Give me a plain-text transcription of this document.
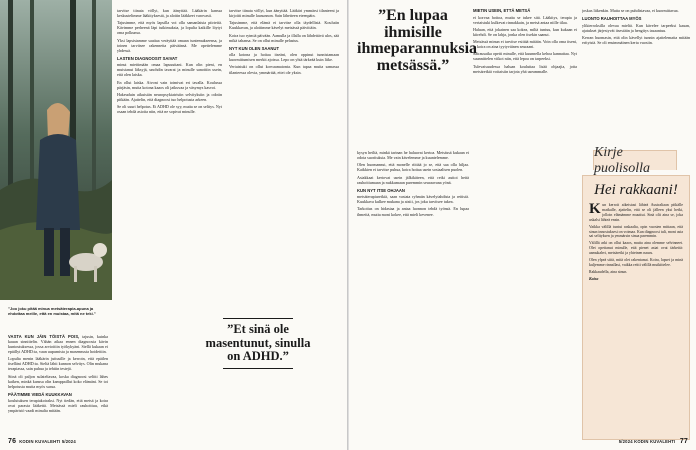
”Joo joku pitää minua metsäterapia-apuna ja ehdottaa meille, että en muistaa, mitä ne teki.”

VASTA KUN JÄIN TÖISTÄ POIS, tajusin, kuinka kauan sinnittelin. Vähän aikaa ennen diagnoosia kävin kuntoutuksessa, jossa arvioitiin työkykyäni. Siellä kukaan ei epäillyt ADHD:ta, vaan uupumista ja masennusta hoidettiin.

Lopulta menin lääkärin juttusille ja kerroin, että epäilen itselläni ADHD:ta. Sieltä lähti kunnon selvitys. Olin mukana terapiassa, sain puhua ja tehtiin testejä.

Siinä oli paljon sulateltavaa, koska diagnoosi selitti lähes kaiken, minkä kanssa olin kamppaillut koko elämäni. Se toi helpotusta mutta myös surua.

PÄÄTIMME VIEDÄ KUUKKAVAN

koulutuksen terapiakoiraksi. Nyt tiedän, että metsä ja koira ovat parasta lääkettä. Metsässä mieli rauhoittuu, eikä ympäristö vaadi minulta mitään.

tarvitse tiinata völlyt, kun äänyttää. Lääkärin kanssa keskustelimme lääkityksestä, ja aloitin lääkkeet varovasti.

Tajusimme, että myös lapsilla voi olla samanlaisia piirteitä. Kävimme perheenä läpi tutkimuksia, ja lopulta kaikille löytyi oma polkunsa.

Yksi lapsistamme saattaa veräyttää omaan tuntemukseensa, ja toinen tarvitsee rakennetta päiväänsä. Me opettelemme yhdessä.

LASTEN DIAGNOOSIT SAIVAT

minut miettimään omaa lapsuuttani. Kun olin pieni, en muistanut läksyjä, unohdin tavarat ja minulle sanottiin usein, että olen laiska.

En ollut laiska. Aivoni vain toimivat eri tavalla. Koulussa pärjäsin, mutta kotona kaaos oli jatkuvaa ja väsymys kasvoi.

Hakeuduin aikuisiän neuropsykiatrisiin selvityksiin ja odotin pitkään. Ajattelin, että diagnoosi tuo helpotusta arkeen.

Se oli suuri helpotus. Ei ADHD ole syy, mutta se on selitys. Nyt osaan tehdä asioita niin, että ne sopivat minulle.

tarvitse tiinata völlyt, kun äänyttää. Lääkäri ymmärsi tilanteeni ja kirjoitti minulle lausunnon. Sain lähetteen eteenpäin.

Tajusimme, että elämä ei tarvitse olla täydellistä. Koulutin Kuukkavan, ja aloitimme kävelyt metsässä päivittäin.

Koira tuo rytmiä päivään. Aamulla ja illalla on lähdettävä ulos, sää mikä tahansa. Se on ollut minulle pelastus.

NYT KUN OLEN SAANUT

olla kotona ja hoitaa itseäni, olen oppinut tunnistamaan kuormittumisen merkit ajoissa. Lepo on yhtä tärkeää kuin liike.

Vertaistuki on ollut korvaamatonta. Kun tapaa muita samassa tilanteessa olevia, ymmärtää, ettei ole yksin.

”Et sinä ole masentunut, sinulla on ADHD.”
76 KODIN KUVALEHTI 5/2024
”En lupaa ihmisille ihmeparannuksia metsässä.”

kysyn heiltä, minkä tarinan he haluavat kertoa. Metsässä kukaan ei odota suorituksia. Me vain kävelemme ja kuuntelemme.

Olen huomannut, että monelle riittää jo se, että saa olla hiljaa. Kaikkien ei tarvitse puhua, koira hoitaa usein sosiaalisen puolen.

Asiakkaat kertovat usein jälkikäteen, että retki auttoi heitä rauhoittumaan ja nukkumaan paremmin seuraavana yönä.

KUN NYT ITSE OHJAAN

metsäterapiaretkiä, saan vastata ryhmän kävelytahdista ja reitistä. Kuukkava kulkee mukana ja aistii, jos joku tarvitsee tukea.

Tarkoitus on hidastaa ja antaa luonnon tehdä työnsä. En lupaa ihmeitä, mutta moni kokee, että mieli kevenee.

MIETIN USEIN, ETTÄ METSÄ

ei korvaa hoitoa, mutta se tukee sitä. Lääkitys, terapia ja vertaistuki kulkevat rinnakkain, ja metsä antaa niille tilaa.

Haluan, että jokainen saa kokea, miltä tuntuu, kun kukaan ei kiirehdi. Se on lahja, jonka olen itsekin saanut.

Metsässä minun ei tarvitse esittää mitään. Voin olla oma itseni, ja koira on aina tyytyväinen seuraani.

Sairausaika opetti minulle, että kuunnella kehoa kannattaa. Nyt suunnittelen viikot niin, että lepoa on tarpeeksi.

Tulevaisuudessa haluan kouluttaa lisää ohjaajia, jotta metsäretkiä voitaisiin tarjota yhä useammalle.

joskus liikenkin. Mutta se on puhdistavaa, ei kuormittavaa.

LUONTO RAUHOITTAA MYÖS

ylikierroksilla olevaa mieltä. Kun kävelee tarpeeksi kauan, ajatukset järjestyvät itsestään ja hengitys tasaantuu.

Kerran huomasin, että olin kävellyt tunnin ajattelematta mitään erityistä. Se oli ensimmäinen kerta vuosiin.

Kirje puolisolla
Hei rakkaani!

Kun kerroit aikeistasi lähteä Australiaan pitkälle matkalle, ajattelin, että se oli jälleen yksi hetki, jolloin elämämme muuttui. Sinä olit aina se, joka uskalsi lähteä ensin.

Vaikka välillä tuntui raskaalta, opin vuosien mittaan, että sinun innostuksesi on voimaa. Kun diagnoosi tuli, moni asia sai selityksen ja ymmärsin sinua paremmin.

Välillä arki on ollut kaaos, mutta aina olemme selvinneet. Olet opettanut minulle, että pienet asiat ovat tärkeitä: aamukahvi, metsäretki ja yhteinen nauru.

Olen ylpeä siitä, mitä olet rakentanut. Koira, lapset ja minä kuljemme rinnallasi, vaikka reitti välillä mutkittelee.

Rakkaudella, aina sinun.

Kaisa

5/2024 KODIN KUVALEHTI 77
